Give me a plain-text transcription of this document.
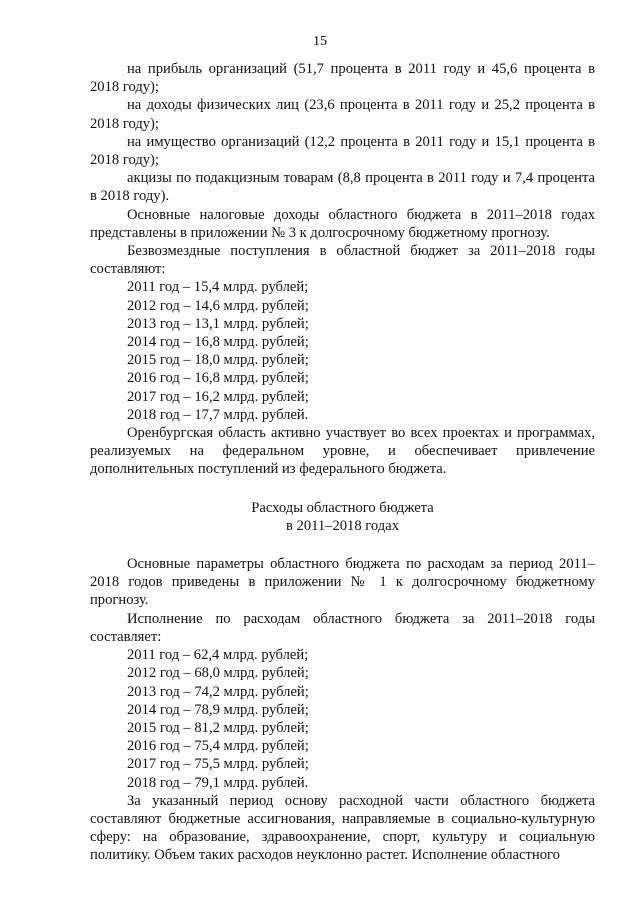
15

на прибыль организаций (51,7 процента в 2011 году и 45,6 процента в 2018 году);

на доходы физических лиц (23,6 процента в 2011 году и 25,2 процента в 2018 году);

на имущество организаций (12,2 процента в 2011 году и 15,1 процента в 2018 году);

акцизы по подакцизным товарам (8,8 процента в 2011 году и 7,4 процента в 2018 году).

Основные налоговые доходы областного бюджета в 2011–2018 годах представлены в приложении № 3 к долгосрочному бюджетному прогнозу.

Безвозмездные поступления в областной бюджет за 2011–2018 годы составляют:

2011 год – 15,4 млрд. рублей;

2012 год – 14,6 млрд. рублей;

2013 год – 13,1 млрд. рублей;

2014 год – 16,8 млрд. рублей;

2015 год – 18,0 млрд. рублей;

2016 год – 16,8 млрд. рублей;

2017 год – 16,2 млрд. рублей;

2018 год – 17,7 млрд. рублей.

Оренбургская область активно участвует во всех проектах и программах, реализуемых на федеральном уровне, и обеспечивает привлечение дополнительных поступлений из федерального бюджета.

Расходы областного бюджета

в 2011–2018 годах

Основные параметры областного бюджета по расходам за период 2011–2018 годов приведены в приложении № 1 к долгосрочному бюджетному прогнозу.

Исполнение по расходам областного бюджета за 2011–2018 годы составляет:

2011 год – 62,4 млрд. рублей;

2012 год – 68,0 млрд. рублей;

2013 год – 74,2 млрд. рублей;

2014 год – 78,9 млрд. рублей;

2015 год – 81,2 млрд. рублей;

2016 год – 75,4 млрд. рублей;

2017 год – 75,5 млрд. рублей;

2018 год – 79,1 млрд. рублей.

За указанный период основу расходной части областного бюджета составляют бюджетные ассигнования, направляемые в социально-культурную сферу: на образование, здравоохранение, спорт, культуру и социальную политику. Объем таких расходов неуклонно растет. Исполнение областного
